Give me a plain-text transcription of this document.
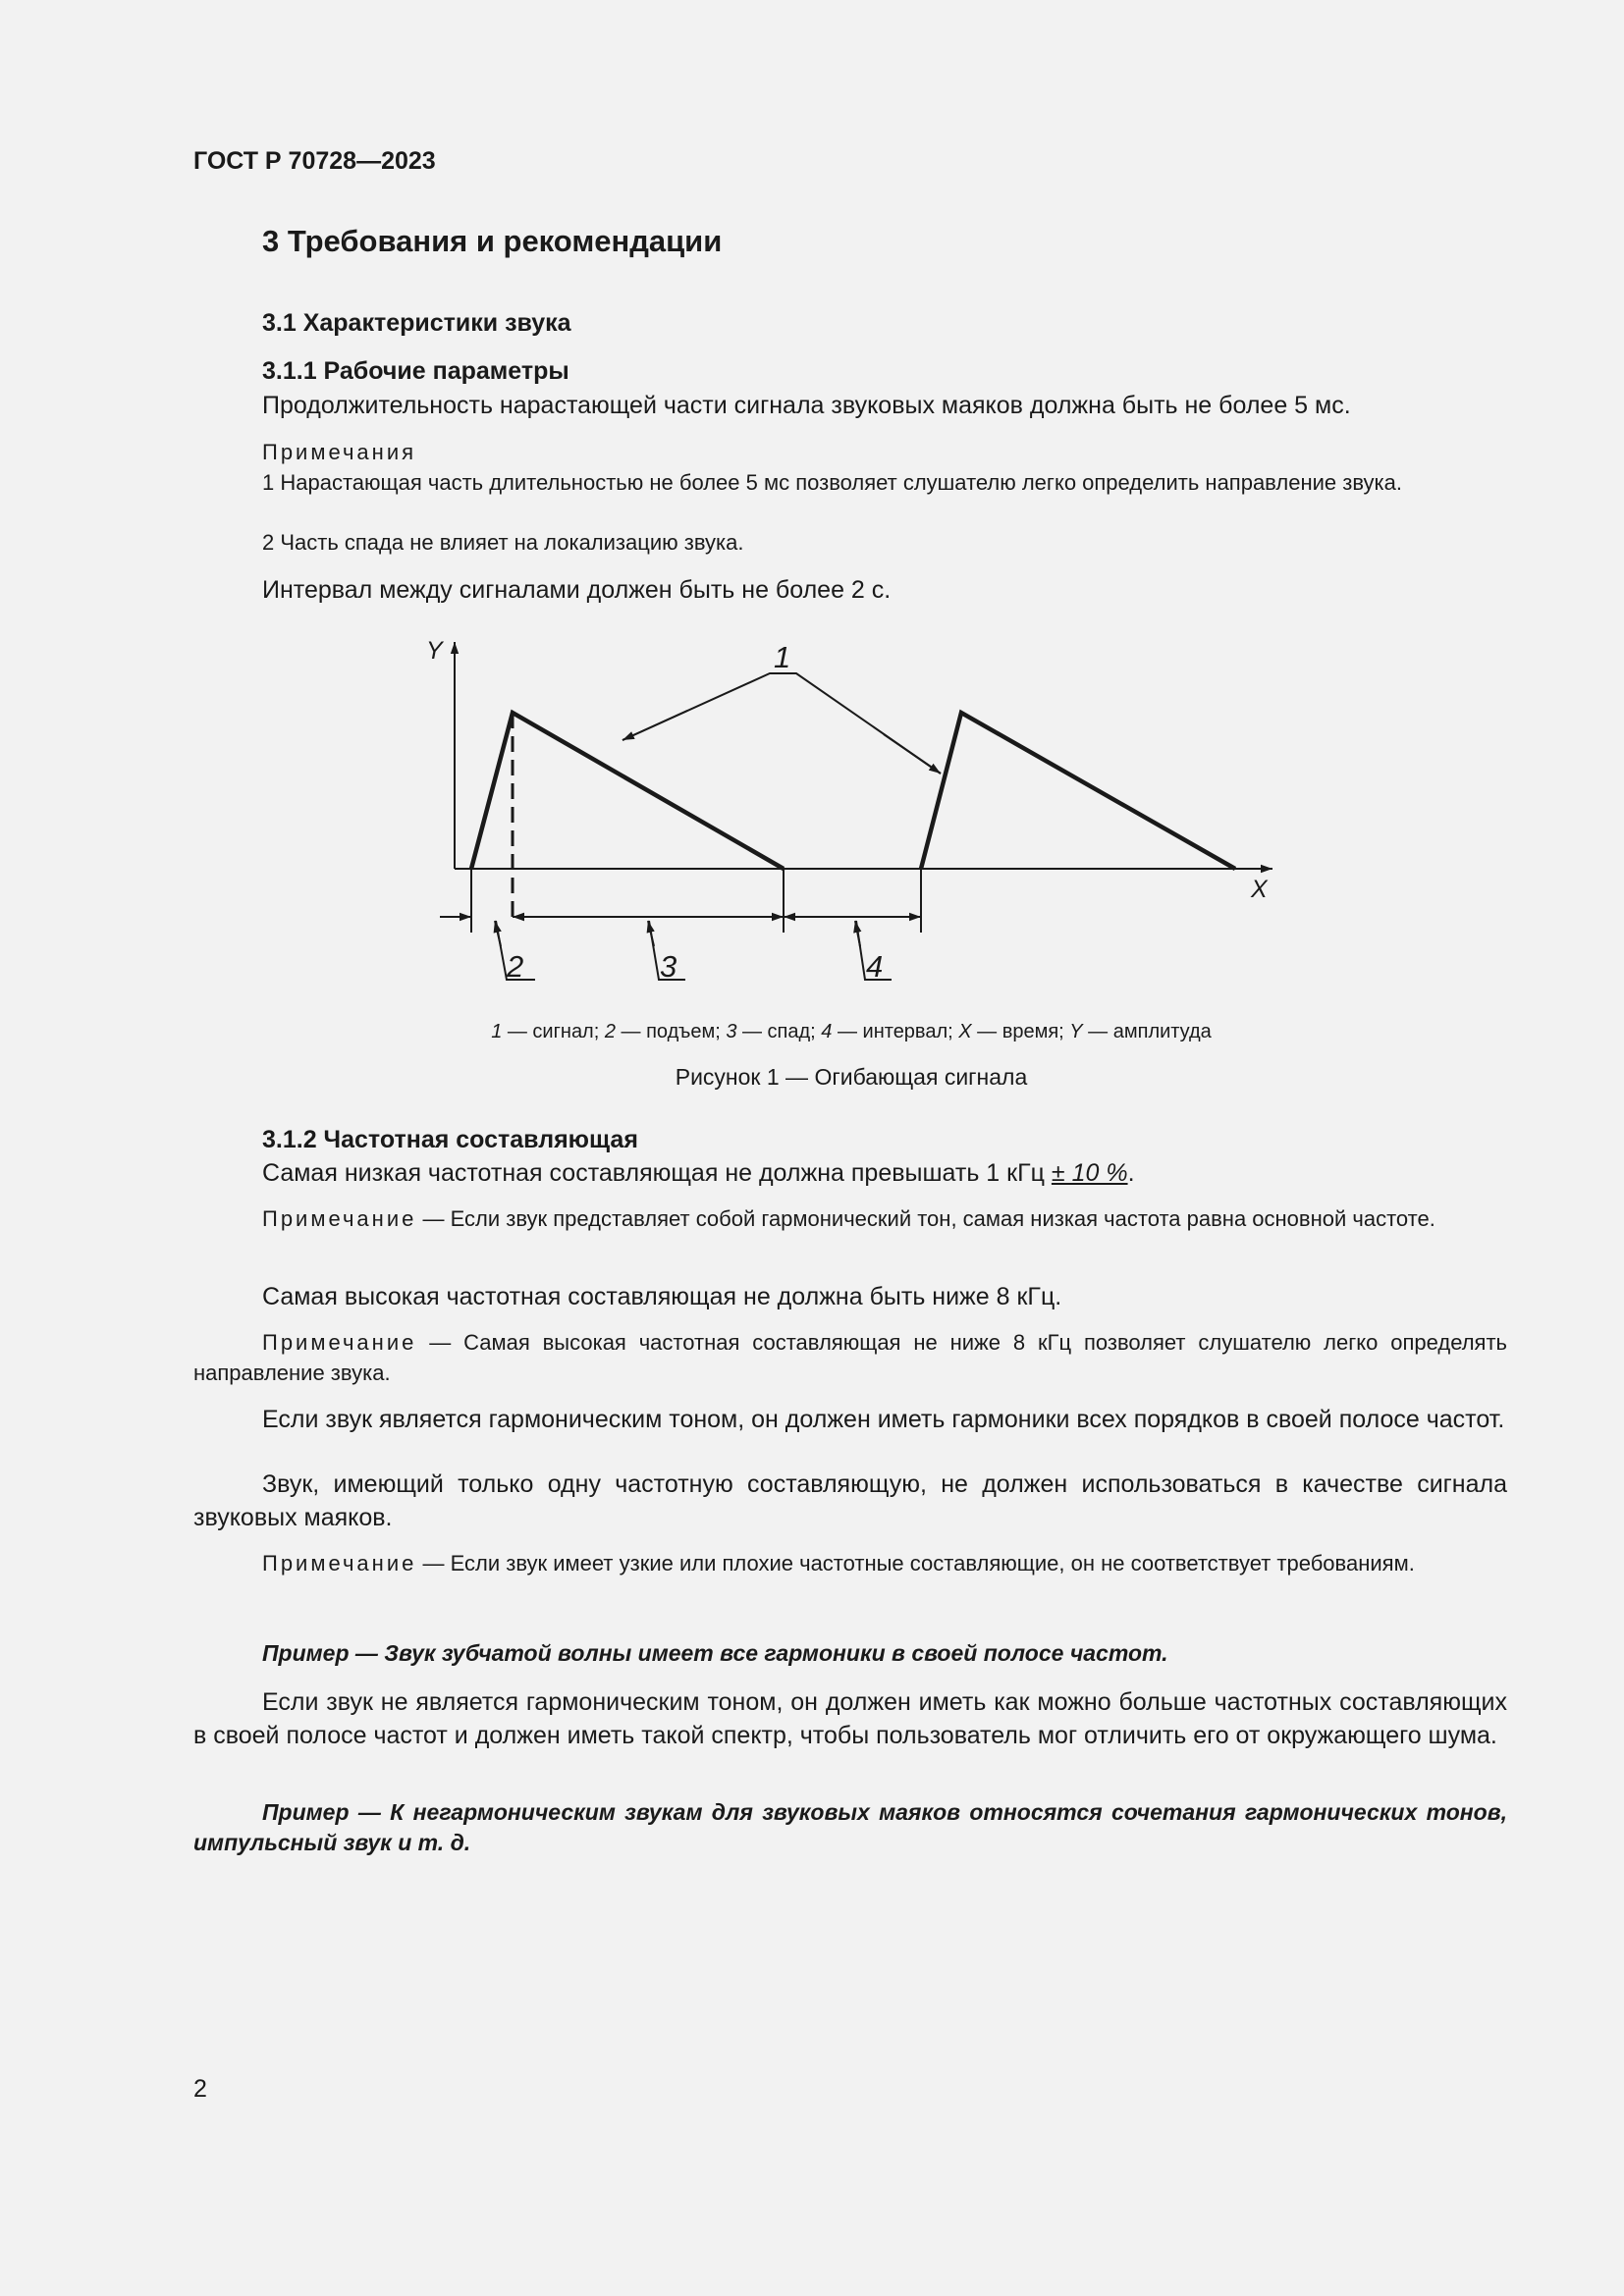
ГОСТ Р 70728—2023
3 Требования и рекомендации
3.1 Характеристики звука
3.1.1 Рабочие параметры
Продолжительность нарастающей части сигнала звуковых маяков должна быть не более 5 мс.
Примечания
1 Нарастающая часть длительностью не более 5 мс позволяет слушателю легко определить направление звука.
2 Часть спада не влияет на локализацию звука.
Интервал между сигналами должен быть не более 2 с.
Y
X
1
2	3	4
1 — сигнал; 2 — подъем; 3 — спад; 4 — интервал; X — время; Y — амплитуда
Рисунок 1 — Огибающая сигнала
3.1.2 Частотная составляющая
Самая низкая частотная составляющая не должна превышать 1 кГц ± 10 %.
Примечание — Если звук представляет собой гармонический тон, самая низкая частота равна основной частоте.
Самая высокая частотная составляющая не должна быть ниже 8 кГц.
Примечание — Самая высокая частотная составляющая не ниже 8 кГц позволяет слушателю легко определять направление звука.
Если звук является гармоническим тоном, он должен иметь гармоники всех порядков в своей полосе частот.
Звук, имеющий только одну частотную составляющую, не должен использоваться в качестве сигнала звуковых маяков.
Примечание — Если звук имеет узкие или плохие частотные составляющие, он не соответствует требованиям.
Пример — Звук зубчатой волны имеет все гармоники в своей полосе частот.
Если звук не является гармоническим тоном, он должен иметь как можно больше частотных составляющих в своей полосе частот и должен иметь такой спектр, чтобы пользователь мог отличить его от окружающего шума.
Пример — К негармоническим звукам для звуковых маяков относятся сочетания гармонических тонов, импульсный звук и т. д.
2
